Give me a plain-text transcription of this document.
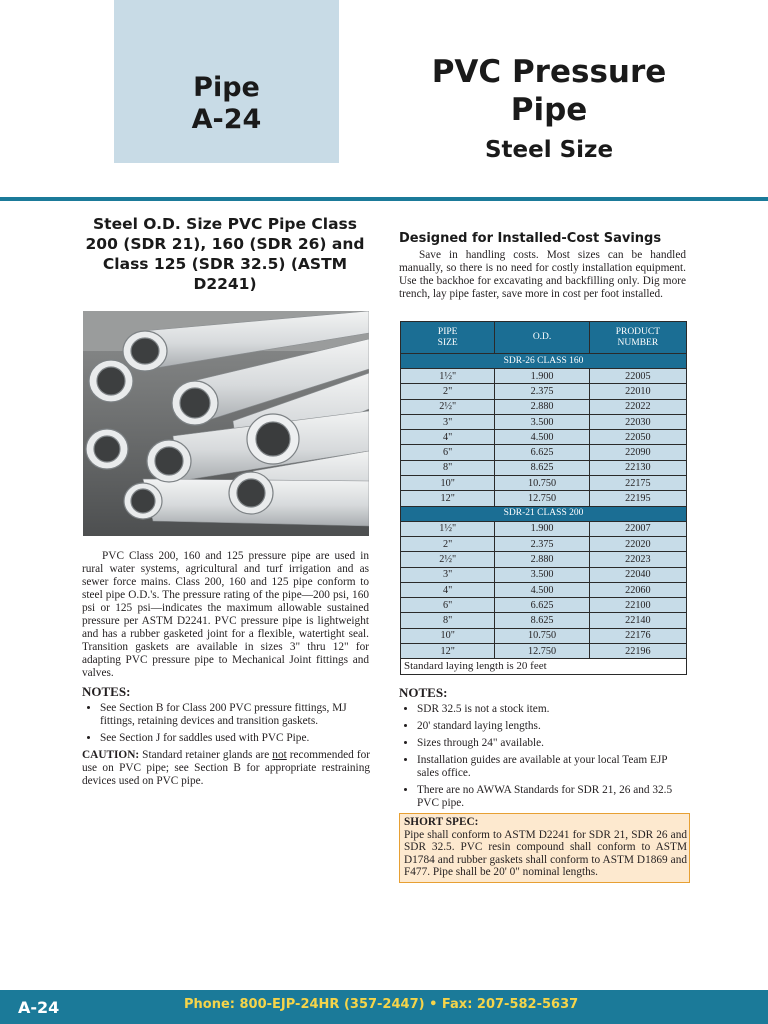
Pipe
A-24
PVC Pressure
Pipe
Steel Size
Steel O.D. Size PVC Pipe Class 200 (SDR 21), 160 (SDR 26) and Class 125 (SDR 32.5) (ASTM D2241)

PVC Class 200, 160 and 125 pressure pipe are used in rural water systems, agricultural and turf irrigation and as sewer force mains. Class 200, 160 and 125 pipe conform to steel pipe O.D.'s. The pressure rating of the pipe—200 psi, 160 psi or 125 psi—indicates the maximum allowable sustained pressure per ASTM D2241. PVC pressure pipe is lightweight and has a rubber gasketed joint for a flexible, watertight seal. Transition gaskets are available in sizes 3" thru 12" for adapting PVC pressure pipe to Mechanical Joint fittings and valves.

NOTES:
• See Section B for Class 200 PVC pressure fittings, MJ fittings, retaining devices and transition gaskets.
• See Section J for saddles used with PVC Pipe.

CAUTION: Standard retainer glands are not recommended for use on PVC pipe; see Section B for appropriate restraining devices used on PVC pipe.

Designed for Installed-Cost Savings

Save in handling costs. Most sizes can be handled manually, so there is no need for costly installation equipment. Use the backhoe for excavating and backfilling only. Dig more trench, lay pipe faster, save more in cost per foot installed.

PIPE
SIZE	O.D.	PRODUCT
NUMBER
SDR-26 CLASS 160		
1½"	1.900	22005
2"	2.375	22010
2½"	2.880	22022
3"	3.500	22030
4"	4.500	22050
6"	6.625	22090
8"	8.625	22130
10"	10.750	22175
12"	12.750	22195
SDR-21 CLASS 200		
1½"	1.900	22007
2"	2.375	22020
2½"	2.880	22023
3"	3.500	22040
4"	4.500	22060
6"	6.625	22100
8"	8.625	22140
10"	10.750	22176
12"	12.750	22196
Standard laying length is 20 feet		
NOTES:
• SDR 32.5 is not a stock item.
• 20' standard laying lengths.
• Sizes through 24" available.
• Installation guides are available at your local Team EJP sales office.
• There are no AWWA Standards for SDR 21, 26 and 32.5 PVC pipe.
SHORT SPEC:
Pipe shall conform to ASTM D2241 for SDR 21, SDR 26 and SDR 32.5. PVC resin compound shall conform to ASTM D1784 and rubber gaskets shall conform to ASTM D1869 and F477. Pipe shall be 20' 0" nominal lengths.
A-24	Phone: 800-EJP-24HR (357-2447) • Fax: 207-582-5637
